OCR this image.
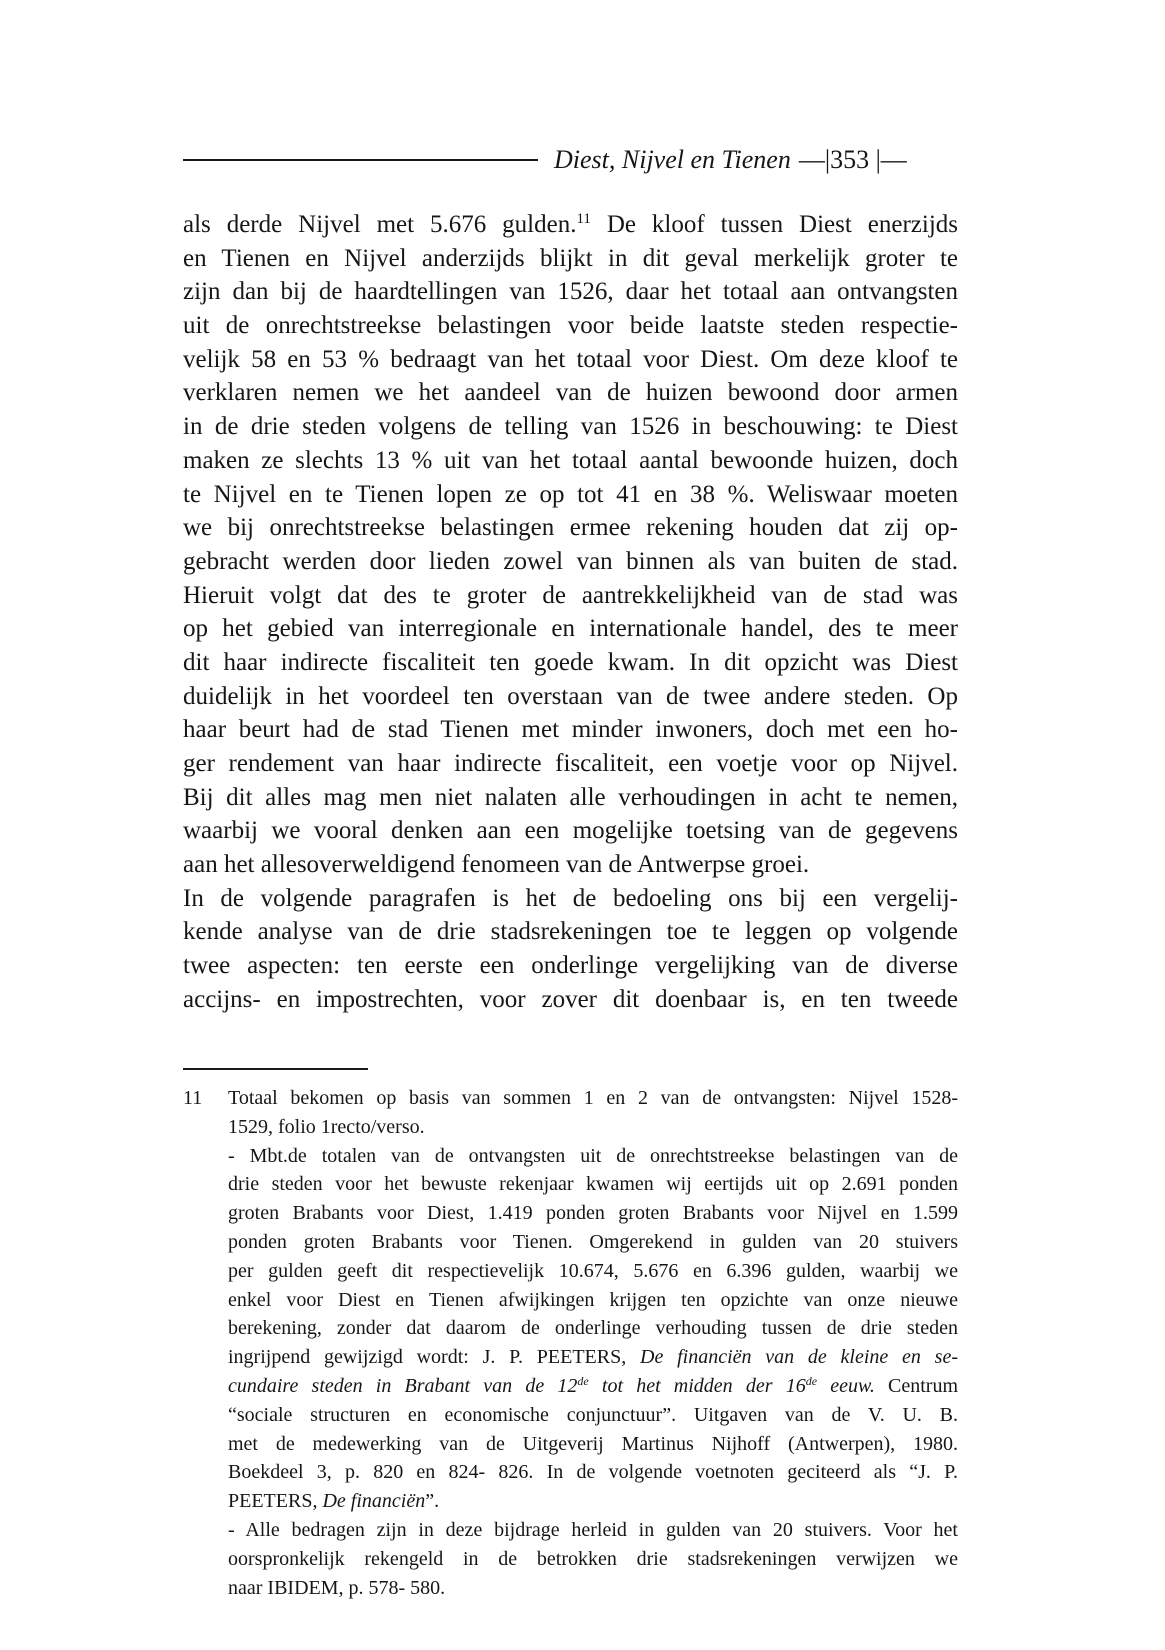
Diest, Nijvel en Tienen —| 353 |—
als derde Nijvel met 5.676 gulden.$^{11}$ De kloof tussen Diest enerzijds
en Tienen en Nijvel anderzijds blijkt in dit geval merkelijk groter te
zijn dan bij de haardtellingen van 1526, daar het totaal aan ontvangsten
uit de onrechtstreekse belastingen voor beide laatste steden respectie-
velijk 58 en 53 % bedraagt van het totaal voor Diest. Om deze kloof te
verklaren nemen we het aandeel van de huizen bewoond door armen
in de drie steden volgens de telling van 1526 in beschouwing: te Diest
maken ze slechts 13 % uit van het totaal aantal bewoonde huizen, doch
te Nijvel en te Tienen lopen ze op tot 41 en 38 %. Weliswaar moeten
we bij onrechtstreekse belastingen ermee rekening houden dat zij op-
gebracht werden door lieden zowel van binnen als van buiten de stad.
Hieruit volgt dat des te groter de aantrekkelijkheid van de stad was
op het gebied van interregionale en internationale handel, des te meer
dit haar indirecte fiscaliteit ten goede kwam. In dit opzicht was Diest
duidelijk in het voordeel ten overstaan van de twee andere steden. Op
haar beurt had de stad Tienen met minder inwoners, doch met een ho-
ger rendement van haar indirecte fiscaliteit, een voetje voor op Nijvel.
Bij dit alles mag men niet nalaten alle verhoudingen in acht te nemen,
waarbij we vooral denken aan een mogelijke toetsing van de gegevens
aan het allesoverweldigend fenomeen van de Antwerpse groei.
In de volgende paragrafen is het de bedoeling ons bij een vergelij-
kende analyse van de drie stadsrekeningen toe te leggen op volgende
twee aspecten: ten eerste een onderlinge vergelijking van de diverse
accijns- en impostrechten, voor zover dit doenbaar is, en ten tweede
11 Totaal bekomen op basis van sommen 1 en 2 van de ontvangsten: Nijvel 1528-
1529, folio 1recto/verso.
- Mbt.de totalen van de ontvangsten uit de onrechtstreekse belastingen van de
drie steden voor het bewuste rekenjaar kwamen wij eertijds uit op 2.691 ponden
groten Brabants voor Diest, 1.419 ponden groten Brabants voor Nijvel en 1.599
ponden groten Brabants voor Tienen. Omgerekend in gulden van 20 stuivers
per gulden geeft dit respectievelijk 10.674, 5.676 en 6.396 gulden, waarbij we
enkel voor Diest en Tienen afwijkingen krijgen ten opzichte van onze nieuwe
berekening, zonder dat daarom de onderlinge verhouding tussen de drie steden
ingrijpend gewijzigd wordt: J. P. PEETERS, De financiën van de kleine en se-
cundaire steden in Brabant van de 12de tot het midden der 16de eeuw. Centrum
“sociale structuren en economische conjunctuur”. Uitgaven van de V. U. B.
met de medewerking van de Uitgeverij Martinus Nijhoff (Antwerpen), 1980.
Boekdeel 3, p. 820 en 824- 826. In de volgende voetnoten geciteerd als “J. P.
PEETERS, De financiën”.
- Alle bedragen zijn in deze bijdrage herleid in gulden van 20 stuivers. Voor het
oorspronkelijk rekengeld in de betrokken drie stadsrekeningen verwijzen we
naar IBIDEM, p. 578- 580.
